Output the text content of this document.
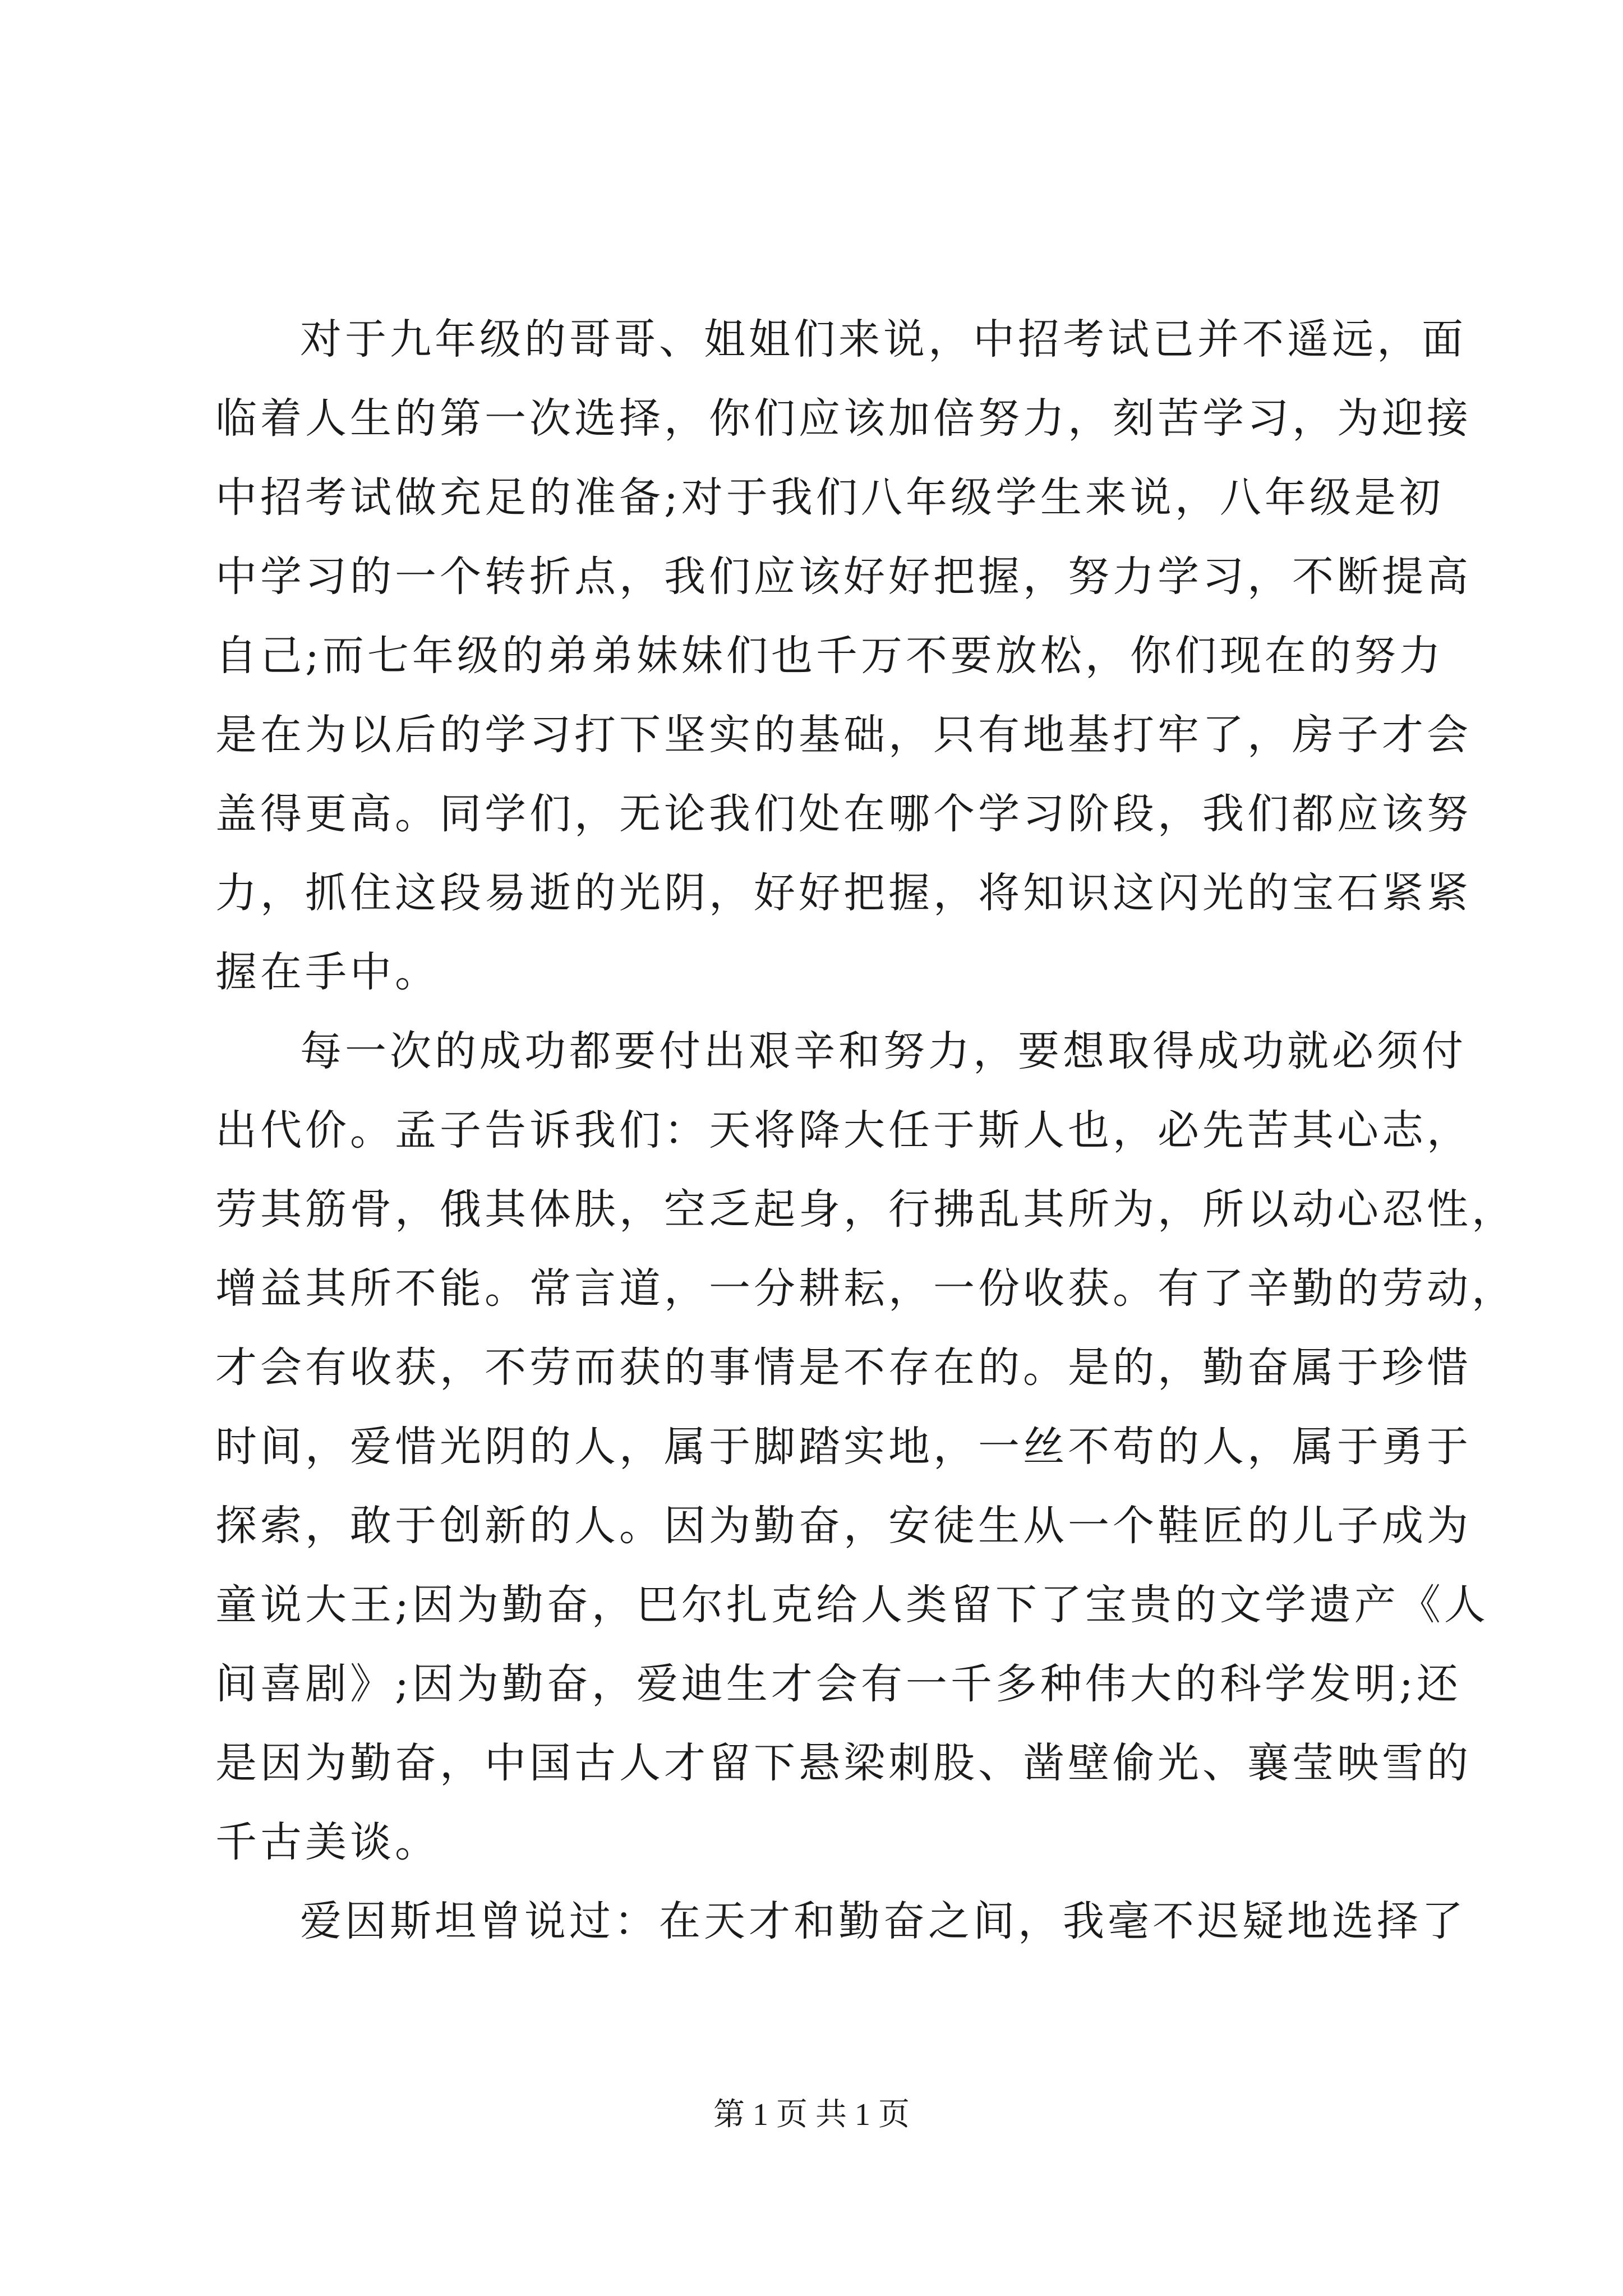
对于九年级的哥哥、姐姐们来说，中招考试已并不遥远，面
临着人生的第一次选择，你们应该加倍努力，刻苦学习，为迎接
中招考试做充足的准备;对于我们八年级学生来说，八年级是初
中学习的一个转折点，我们应该好好把握，努力学习，不断提高
自己;而七年级的弟弟妹妹们也千万不要放松，你们现在的努力
是在为以后的学习打下坚实的基础，只有地基打牢了，房子才会
盖得更高。同学们，无论我们处在哪个学习阶段，我们都应该努
力，抓住这段易逝的光阴，好好把握，将知识这闪光的宝石紧紧
握在手中。
每一次的成功都要付出艰辛和努力，要想取得成功就必须付
出代价。孟子告诉我们：天将降大任于斯人也，必先苦其心志，
劳其筋骨，俄其体肤，空乏起身，行拂乱其所为，所以动心忍性，
增益其所不能。常言道，一分耕耘，一份收获。有了辛勤的劳动，
才会有收获，不劳而获的事情是不存在的。是的，勤奋属于珍惜
时间，爱惜光阴的人，属于脚踏实地，一丝不苟的人，属于勇于
探索，敢于创新的人。因为勤奋，安徒生从一个鞋匠的儿子成为
童说大王;因为勤奋，巴尔扎克给人类留下了宝贵的文学遗产《人
间喜剧》;因为勤奋，爱迪生才会有一千多种伟大的科学发明;还
是因为勤奋，中国古人才留下悬梁刺股、凿壁偷光、襄莹映雪的
千古美谈。
爱因斯坦曾说过：在天才和勤奋之间，我毫不迟疑地选择了
第 1 页 共 1 页
